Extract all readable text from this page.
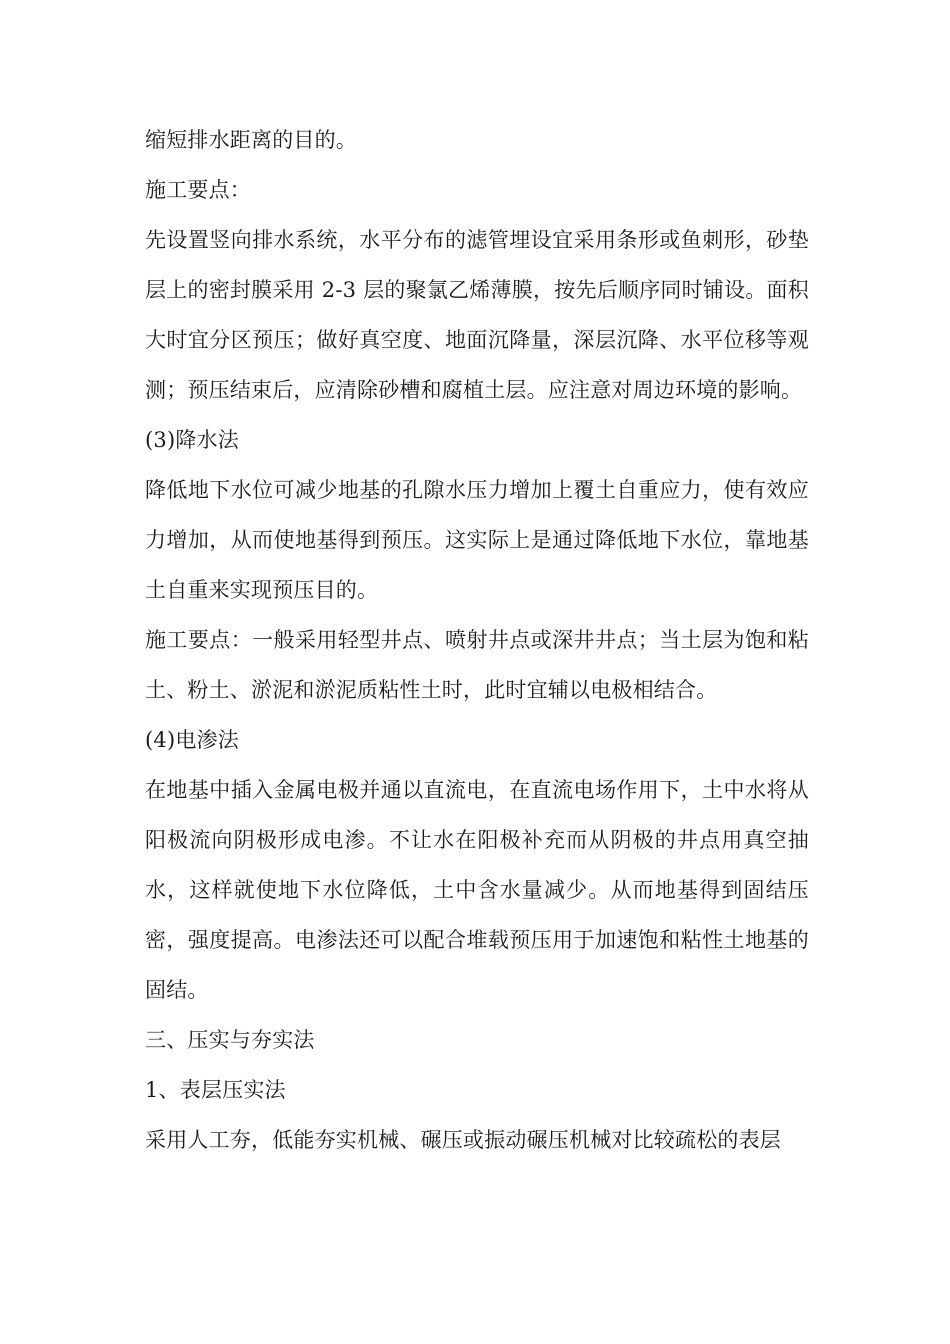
缩短排水距离的目的。

施工要点：

先设置竖向排水系统，水平分布的滤管埋设宜采用条形或鱼刺形，砂垫层上的密封膜采用 2-3 层的聚氯乙烯薄膜，按先后顺序同时铺设。面积大时宜分区预压；做好真空度、地面沉降量，深层沉降、水平位移等观测；预压结束后，应清除砂槽和腐植土层。应注意对周边环境的影响。

(3)降水法

降低地下水位可减少地基的孔隙水压力增加上覆土自重应力，使有效应力增加，从而使地基得到预压。这实际上是通过降低地下水位，靠地基土自重来实现预压目的。

施工要点：一般采用轻型井点、喷射井点或深井井点；当土层为饱和粘土、粉土、淤泥和淤泥质粘性土时，此时宜辅以电极相结合。

(4)电渗法

在地基中插入金属电极并通以直流电，在直流电场作用下，土中水将从阳极流向阴极形成电渗。不让水在阳极补充而从阴极的井点用真空抽水，这样就使地下水位降低，土中含水量减少。从而地基得到固结压密，强度提高。电渗法还可以配合堆载预压用于加速饱和粘性土地基的固结。

三、压实与夯实法

1、表层压实法

采用人工夯，低能夯实机械、碾压或振动碾压机械对比较疏松的表层
